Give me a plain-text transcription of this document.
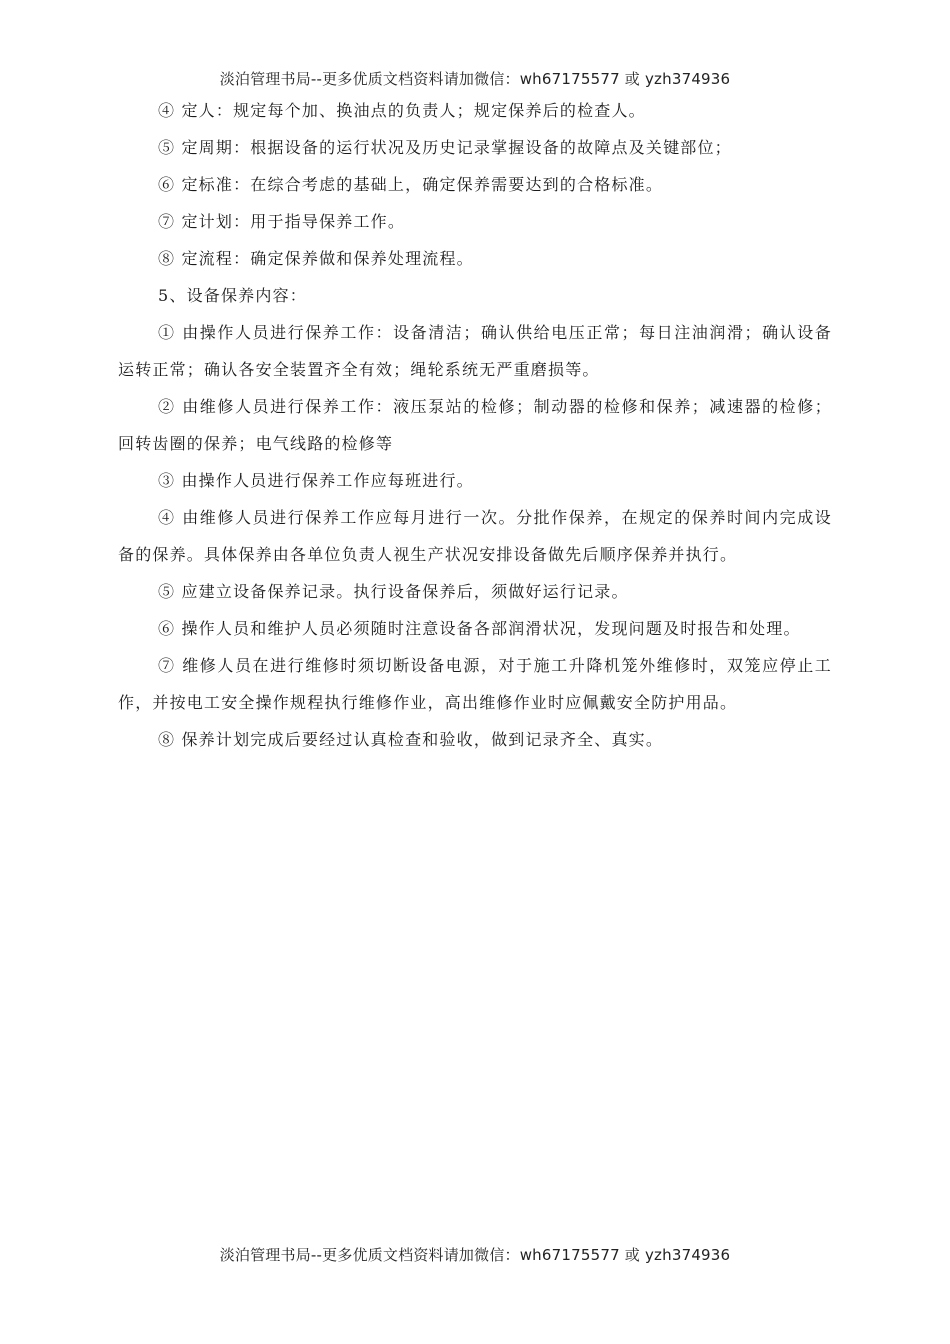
淡泊管理书局--更多优质文档资料请加微信：wh67175577 或 yzh374936

④ 定人：规定每个加、换油点的负责人；规定保养后的检查人。

⑤ 定周期：根据设备的运行状况及历史记录掌握设备的故障点及关键部位；

⑥ 定标准：在综合考虑的基础上，确定保养需要达到的合格标准。

⑦ 定计划：用于指导保养工作。

⑧ 定流程：确定保养做和保养处理流程。

5、设备保养内容：

① 由操作人员进行保养工作：设备清洁；确认供给电压正常；每日注油润滑；确认设备运转正常；确认各安全装置齐全有效；绳轮系统无严重磨损等。

② 由维修人员进行保养工作：液压泵站的检修；制动器的检修和保养；减速器的检修；回转齿圈的保养；电气线路的检修等

③ 由操作人员进行保养工作应每班进行。

④ 由维修人员进行保养工作应每月进行一次。分批作保养，在规定的保养时间内完成设备的保养。具体保养由各单位负责人视生产状况安排设备做先后顺序保养并执行。

⑤ 应建立设备保养记录。执行设备保养后，须做好运行记录。

⑥ 操作人员和维护人员必须随时注意设备各部润滑状况，发现问题及时报告和处理。

⑦ 维修人员在进行维修时须切断设备电源，对于施工升降机笼外维修时，双笼应停止工作，并按电工安全操作规程执行维修作业，高出维修作业时应佩戴安全防护用品。

⑧ 保养计划完成后要经过认真检查和验收，做到记录齐全、真实。

淡泊管理书局--更多优质文档资料请加微信：wh67175577 或 yzh374936
